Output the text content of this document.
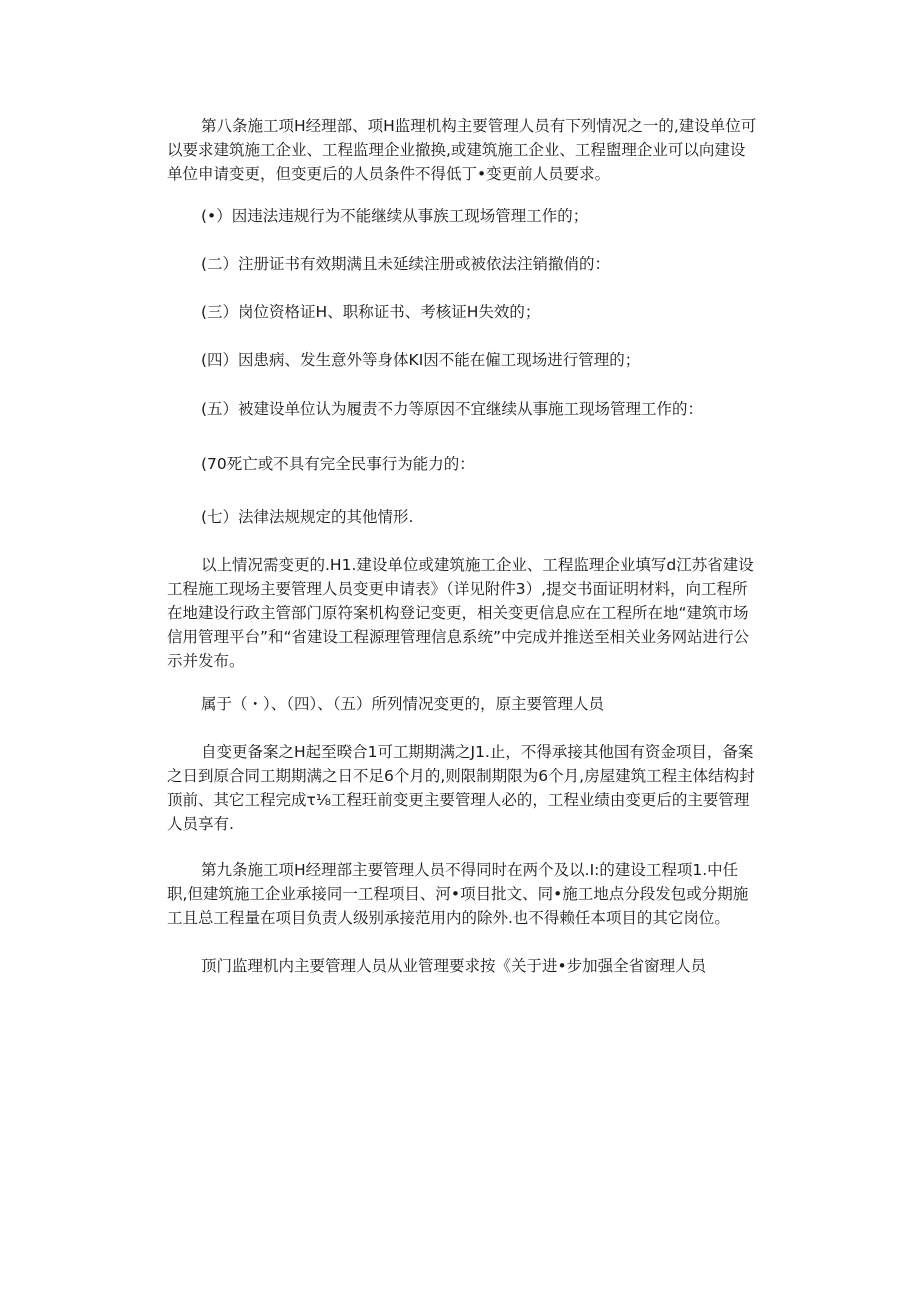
第八条施工项H经理部、项H监理机构主要管理人员有下列情况之一的,建设单位可以要求建筑施工企业、工程监理企业撤换,或建筑施工企业、工程盥理企业可以向建设单位申请变更，但变更后的人员条件不得低丁•变更前人员要求。

(•）因违法违规行为不能继续从事族工现场管理工作的；

(二）注册证书有效期满且未延续注册或被依法注销撤俏的：

(三）岗位资格证H、职称证书、考核证H失效的；

(四）因患病、发生意外等身体KI因不能在僱工现场进行管理的；

(五）被建设单位认为履责不力等原因不宜继续从事施工现场管理工作的：

(70死亡或不具有完全民事行为能力的：

(七）法律法规规定的其他情形.

以上情况需变更的.H1.建设单位或建筑施工企业、工程监理企业填写d江苏省建设工程施工现场主要管理人员变更申请表》（详见附件3）,提交书面证明材料，向工程所在地建设行政主管部门原符案机构登记变更，相关变更信息应在工程所在地“建筑市场信用管理平台”和“省建设工程源理管理信息系统”中完成并推送至相关业务网站进行公示并发布。

属于（・）、（四）、（五）所列情况变更的，原主要管理人员

自变更备案之H起至暌合1可工期期满之J1.止，不得承接其他国有资金项目，备案之日到原合同工期期满之日不足6个月的,则限制期限为6个月,房屋建筑工程主体结构封顶前、其它工程完成τ⅛工程玨前变更主要管理人必的，工程业绩由变更后的主要管理人员享有.

第九条施工项H经理部主要管理人员不得同时在两个及以.I:的建设工程项1.中任职,但建筑施工企业承接同一工程项目、河•项目批文、同•施工地点分段发包或分期施工且总工程量在项目负责人级别承接范用内的除外.也不得赖任本项目的其它岗位。

顶门监理机内主要管理人员从业管理要求按《关于进•步加强全省窗理人员
